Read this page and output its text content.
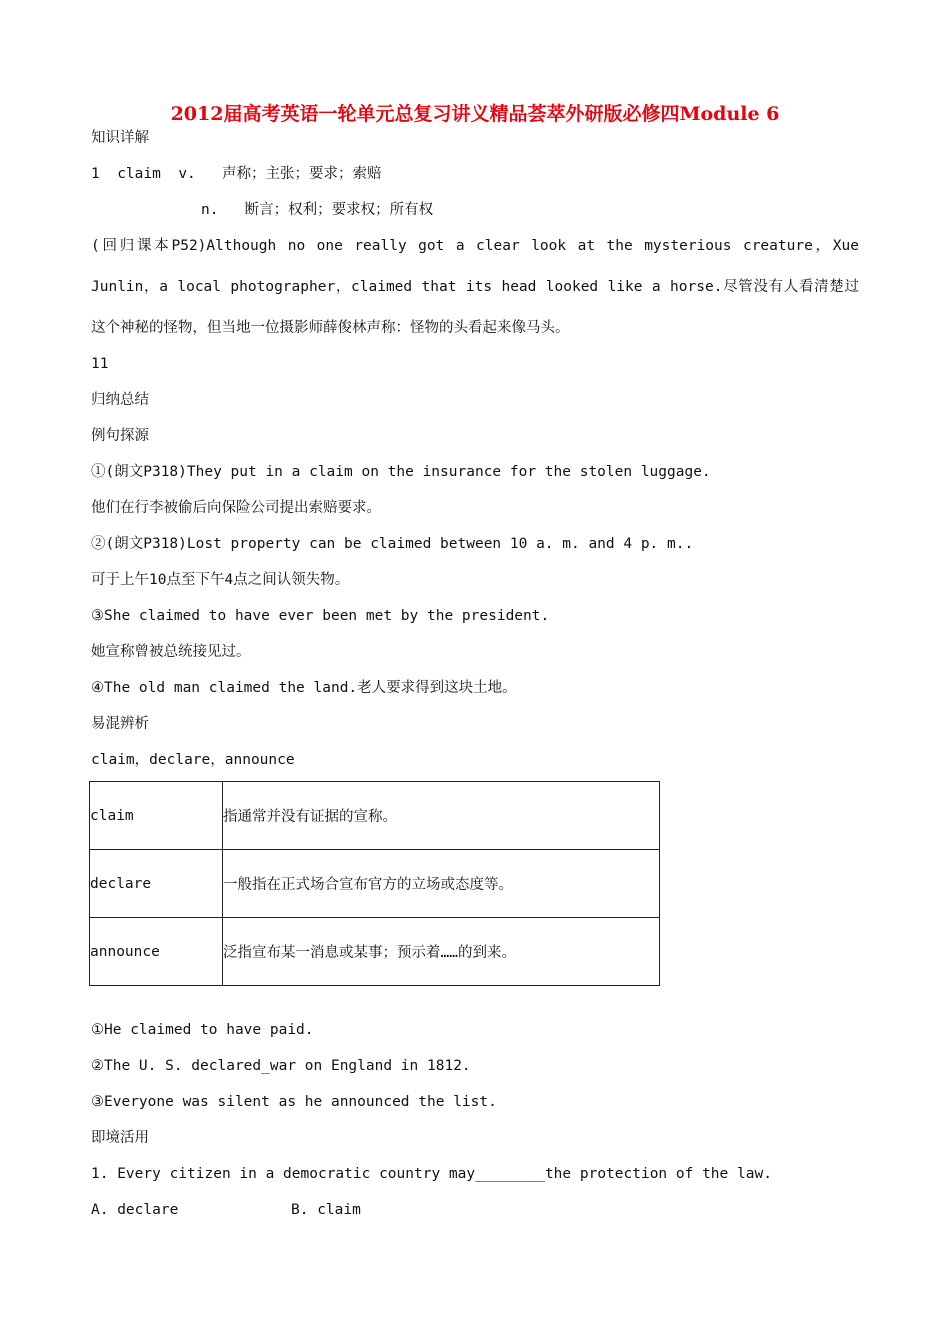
2012届高考英语一轮单元总复习讲义精品荟萃外研版必修四Module 6
知识详解
1 claim v. 声称；主张；要求；索赔
n. 断言；权利；要求权；所有权
(回归课本P52)Although no one really got a clear look at the mysterious creature，Xue
Junlin，a local photographer，claimed that its head looked like a horse.尽管没有人看清楚过
这个神秘的怪物，但当地一位摄影师薛俊林声称：怪物的头看起来像马头。
11
归纳总结
例句探源
①(朗文P318)They put in a claim on the insurance for the stolen luggage.
他们在行李被偷后向保险公司提出索赔要求。
②(朗文P318)Lost property can be claimed between 10 a. m. and 4 p. m..
可于上午10点至下午4点之间认领失物。
③She claimed to have ever been met by the president.
她宣称曾被总统接见过。
④The old man claimed the land.老人要求得到这块土地。
易混辨析
claim，declare，announce
claim	指通常并没有证据的宣称。
declare	一般指在正式场合宣布官方的立场或态度等。
announce	泛指宣布某一消息或某事；预示着……的到来。
①He claimed to have paid.
②The U. S. declared_war on England in 1812.
③Everyone was silent as he announced the list.
即境活用
1. Every citizen in a democratic country may________the protection of the law.
A. declare	B. claim
